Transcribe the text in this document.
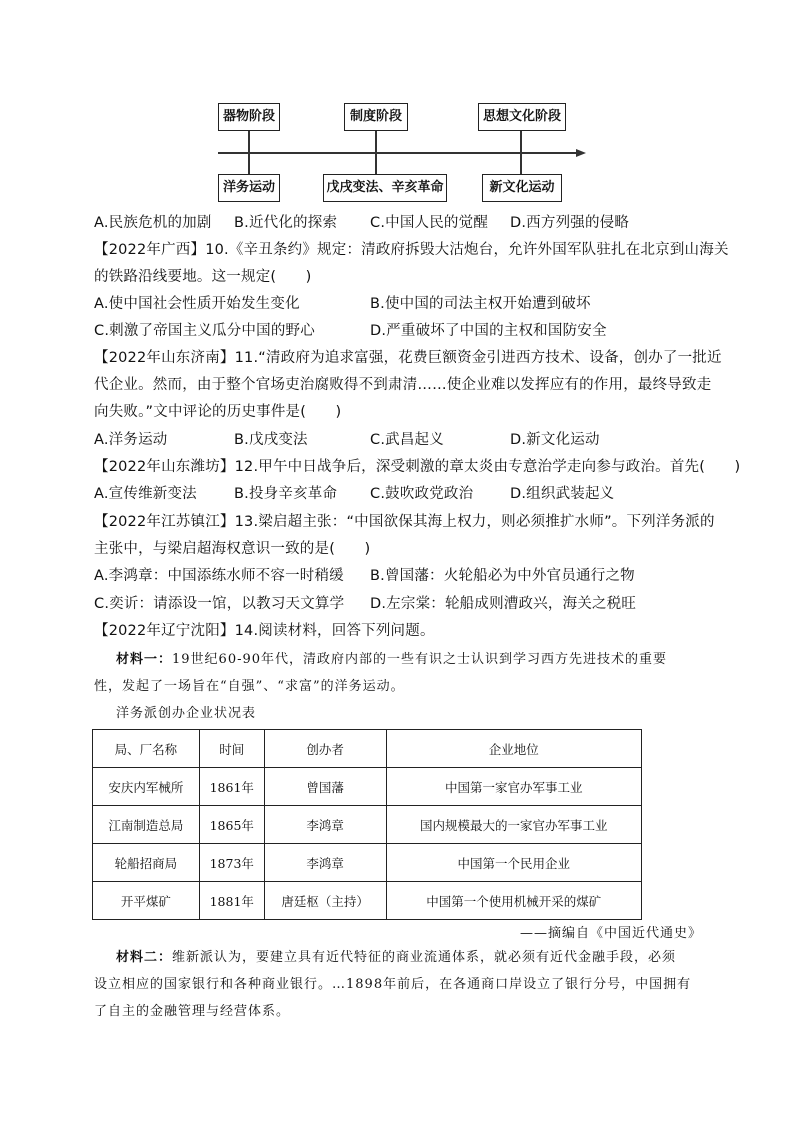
器物阶段	制度阶段	思想文化阶段
洋务运动	戊戌变法、辛亥革命	新文化运动
A.民族危机的加剧 B.近代化的探索 C.中国人民的觉醒 D.西方列强的侵略
【2022年广西】10.《辛丑条约》规定：清政府拆毁大沽炮台，允许外国军队驻扎在北京到山海关
的铁路沿线要地。这一规定(　　)
A.使中国社会性质开始发生变化	B.使中国的司法主权开始遭到破坏
C.刺激了帝国主义瓜分中国的野心	D.严重破坏了中国的主权和国防安全
【2022年山东济南】11.“清政府为追求富强，花费巨额资金引进西方技术、设备，创办了一批近
代企业。然而，由于整个官场吏治腐败得不到肃清……使企业难以发挥应有的作用，最终导致走
向失败。”文中评论的历史事件是(　　)
A.洋务运动	B.戊戌变法	C.武昌起义	D.新文化运动
【2022年山东潍坊】12.甲午中日战争后，深受刺激的章太炎由专意治学走向参与政治。首先(　　)
A.宣传维新变法	B.投身辛亥革命 C.鼓吹政党政治	D.组织武装起义
【2022年江苏镇江】13.梁启超主张：“中国欲保其海上权力，则必须推扩水师”。下列洋务派的
主张中，与梁启超海权意识一致的是(　　)
A.李鸿章：中国添练水师不容一时稍缓 B.曾国藩：火轮船必为中外官员通行之物
C.奕䜣：请添设一馆，以教习天文算学 D.左宗棠：轮船成则漕政兴，海关之税旺
【2022年辽宁沈阳】14.阅读材料，回答下列问题。
材料一：19世纪60-90年代，清政府内部的一些有识之士认识到学习西方先进技术的重要
性，发起了一场旨在“自强”、“求富”的洋务运动。
洋务派创办企业状况表
局、厂名称	时间	创办者	企业地位
安庆内军械所	1861年	曾国藩	中国第一家官办军事工业
江南制造总局	1865年	李鸿章	国内规模最大的一家官办军事工业
轮船招商局	1873年	李鸿章	中国第一个民用企业
开平煤矿	1881年	唐廷枢（主持）	中国第一个使用机械开采的煤矿
——摘编自《中国近代通史》
材料二：维新派认为，要建立具有近代特征的商业流通体系，就必须有近代金融手段，必须
设立相应的国家银行和各种商业银行。…1898年前后，在各通商口岸设立了银行分号，中国拥有
了自主的金融管理与经营体系。
